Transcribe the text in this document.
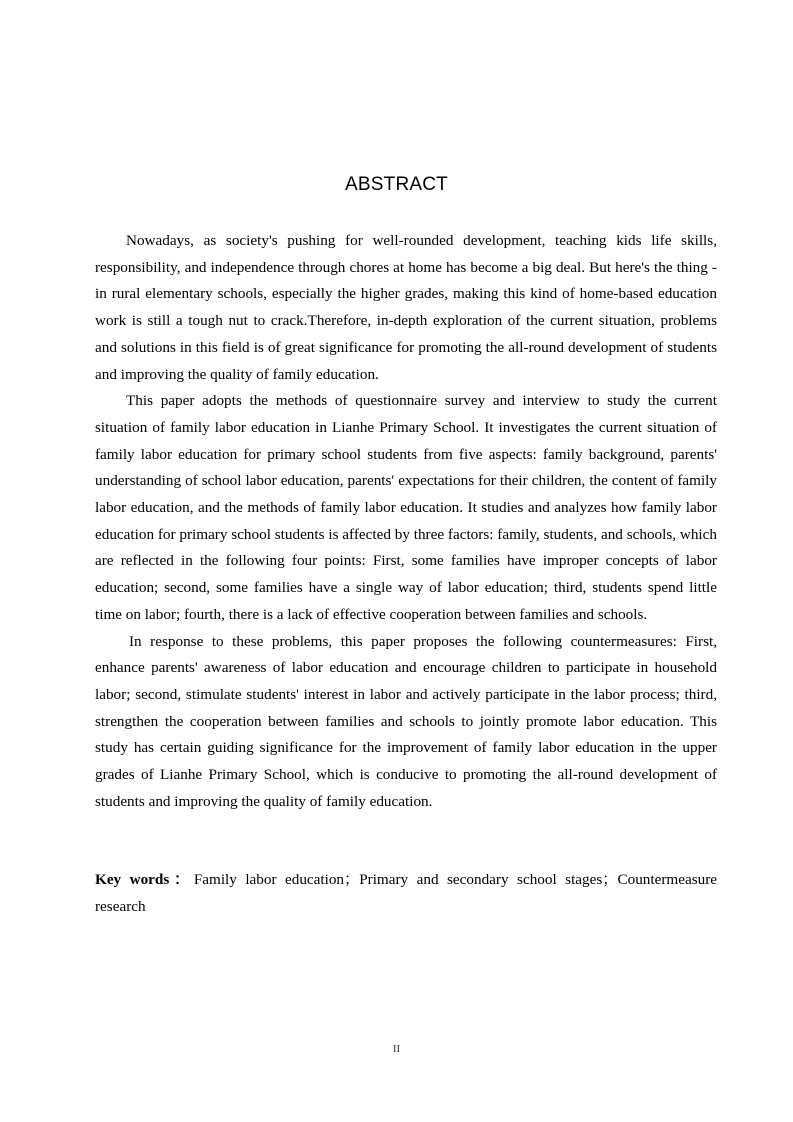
ABSTRACT

Nowadays, as society's pushing for well-rounded development, teaching kids life skills, responsibility, and independence through chores at home has become a big deal. But here's the thing - in rural elementary schools, especially the higher grades, making this kind of home-based education work is still a tough nut to crack.Therefore, in-depth exploration of the current situation, problems and solutions in this field is of great significance for promoting the all-round development of students and improving the quality of family education.

This paper adopts the methods of questionnaire survey and interview to study the current situation of family labor education in Lianhe Primary School. It investigates the current situation of family labor education for primary school students from five aspects: family background, parents' understanding of school labor education, parents' expectations for their children, the content of family labor education, and the methods of family labor education. It studies and analyzes how family labor education for primary school students is affected by three factors: family, students, and schools, which are reflected in the following four points: First, some families have improper concepts of labor education; second, some families have a single way of labor education; third, students spend little time on labor; fourth, there is a lack of effective cooperation between families and schools.

In response to these problems, this paper proposes the following countermeasures: First, enhance parents' awareness of labor education and encourage children to participate in household labor; second, stimulate students' interest in labor and actively participate in the labor process; third, strengthen the cooperation between families and schools to jointly promote labor education. This study has certain guiding significance for the improvement of family labor education in the upper grades of Lianhe Primary School, which is conducive to promoting the all-round development of students and improving the quality of family education.

Key words：Family labor education；Primary and secondary school stages；Countermeasure research
II
